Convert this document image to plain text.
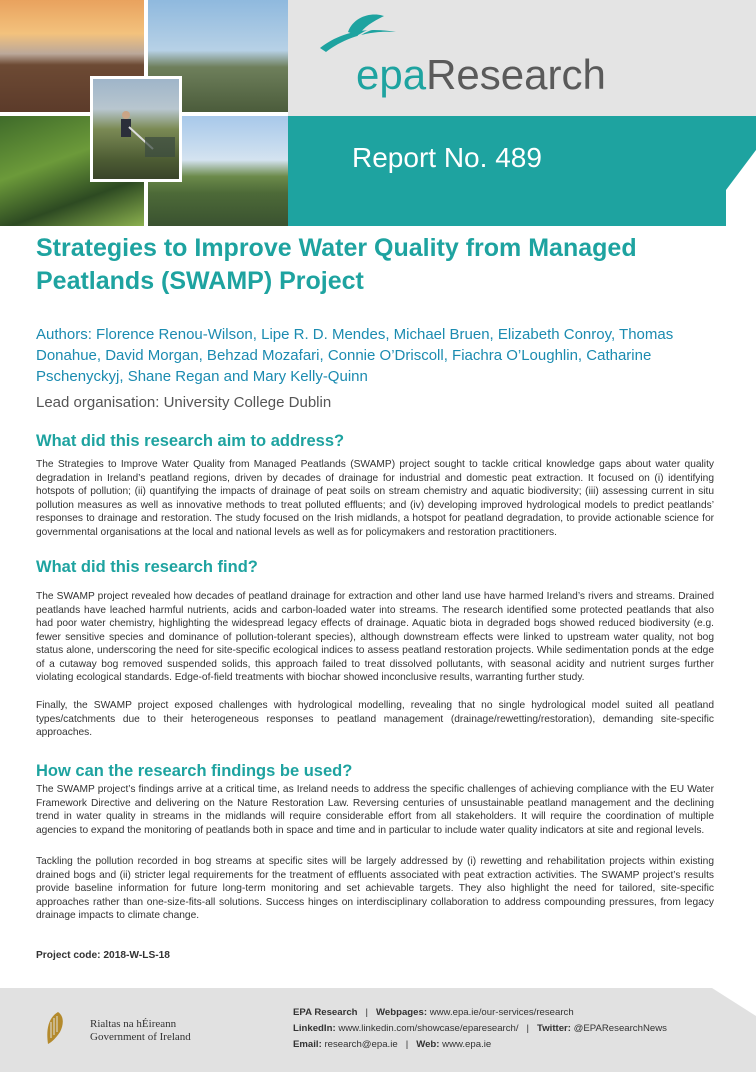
epaResearch
Report No. 489
Strategies to Improve Water Quality from Managed Peatlands (SWAMP) Project

Authors: Florence Renou-Wilson, Lipe R. D. Mendes, Michael Bruen, Elizabeth Conroy, Thomas Donahue, David Morgan, Behzad Mozafari, Connie O’Driscoll, Fiachra O’Loughlin, Catharine Pschenyckyj, Shane Regan and Mary Kelly-Quinn

Lead organisation: University College Dublin

What did this research aim to address?

The Strategies to Improve Water Quality from Managed Peatlands (SWAMP) project sought to tackle critical knowledge gaps about water quality degradation in Ireland’s peatland regions, driven by decades of drainage for industrial and domestic peat extraction. It focused on (i) identifying hotspots of pollution; (ii) quantifying the impacts of drainage of peat soils on stream chemistry and aquatic biodiversity; (iii) assessing current in situ pollution measures as well as innovative methods to treat polluted effluents; and (iv) developing improved hydrological models to predict peatlands’ responses to drainage and restoration. The study focused on the Irish midlands, a hotspot for peatland degradation, to provide actionable science for governmental organisations at the local and national levels as well as for policymakers and restoration practitioners.

What did this research find?

The SWAMP project revealed how decades of peatland drainage for extraction and other land use have harmed Ireland’s rivers and streams. Drained peatlands have leached harmful nutrients, acids and carbon-loaded water into streams. The research identified some protected peatlands that also had poor water chemistry, highlighting the widespread legacy effects of drainage. Aquatic biota in degraded bogs showed reduced biodiversity (e.g. fewer sensitive species and dominance of pollution-tolerant species), although downstream effects were linked to upstream water quality, not bog status alone, underscoring the need for site-specific ecological indices to assess peatland restoration projects. While sedimentation ponds at the edge of a cutaway bog removed suspended solids, this approach failed to treat dissolved pollutants, with seasonal acidity and nutrient surges further violating ecological standards. Edge-of-field treatments with biochar showed inconclusive results, warranting further study.

Finally, the SWAMP project exposed challenges with hydrological modelling, revealing that no single hydrological model suited all peatland types/catchments due to their heterogeneous responses to peatland management (drainage/rewetting/restoration), demanding site-specific approaches.

How can the research findings be used?

The SWAMP project’s findings arrive at a critical time, as Ireland needs to address the specific challenges of achieving compliance with the EU Water Framework Directive and delivering on the Nature Restoration Law. Reversing centuries of unsustainable peatland management and the declining trend in water quality in streams in the midlands will require considerable effort from all stakeholders. It will require the coordination of multiple agencies to expand the monitoring of peatlands both in space and time and in particular to include water quality indicators at site and regional levels.

Tackling the pollution recorded in bog streams at specific sites will be largely addressed by (i) rewetting and rehabilitation projects within existing drained bogs and (ii) stricter legal requirements for the treatment of effluents associated with peat extraction activities. The SWAMP project’s results provide baseline information for future long-term monitoring and set achievable targets. They also highlight the need for tailored, site-specific approaches rather than one-size-fits-all solutions. Success hinges on interdisciplinary collaboration to address compounding pressures, from legacy drainage impacts to climate change.

Project code: 2018-W-LS-18

Rialtas na hÉireann
Government of Ireland
EPA Research | Webpages: www.epa.ie/our-services/research
LinkedIn: www.linkedin.com/showcase/eparesearch/ | Twitter: @EPAResearchNews
Email: research@epa.ie | Web: www.epa.ie
